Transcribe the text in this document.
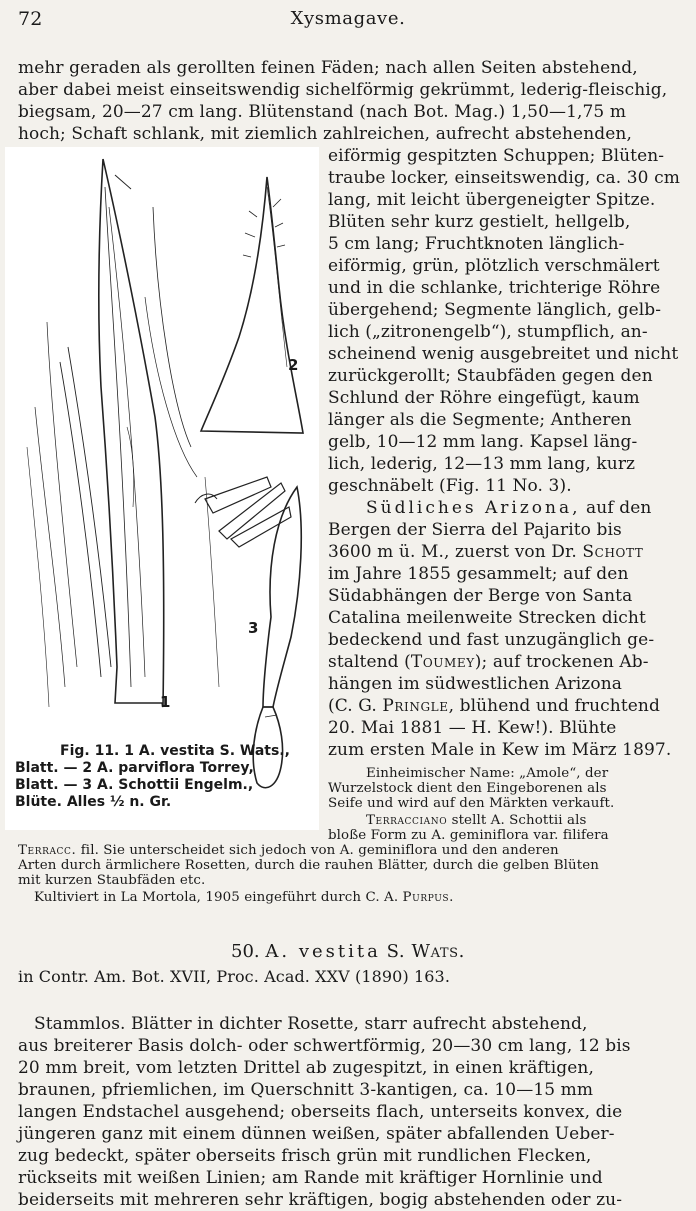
72	Xysmagave.
mehr geraden als gerollten feinen Fäden; nach allen Seiten abstehend,
aber dabei meist einseitswendig sichelförmig gekrümmt, lederig-fleischig,
biegsam, 20—27 cm lang. Blütenstand (nach Bot. Mag.) 1,50—1,75 m
hoch; Schaft schlank, mit ziemlich zahlreichen, aufrecht abstehenden,
1
2
3
Fig. 11. 1 A. vestita S. Wats.,
Blatt. — 2 A. parviflora Torrey,
Blatt. — 3 A. Schottii Engelm.,
Blüte. Alles ½ n. Gr.
eiförmig gespitzten Schuppen; Blüten-
traube locker, einseitswendig, ca. 30 cm
lang, mit leicht übergeneigter Spitze.
Blüten sehr kurz gestielt, hellgelb,
5 cm lang; Fruchtknoten länglich-
eiförmig, grün, plötzlich verschmälert
und in die schlanke, trichterige Röhre
übergehend; Segmente länglich, gelb-
lich („zitronengelb“), stumpflich, an-
scheinend wenig ausgebreitet und nicht
zurückgerollt; Staubfäden gegen den
Schlund der Röhre eingefügt, kaum
länger als die Segmente; Antheren
gelb, 10—12 mm lang. Kapsel läng-
lich, lederig, 12—13 mm lang, kurz
geschnäbelt (Fig. 11 No. 3).
Südliches Arizona, auf den
Bergen der Sierra del Pajarito bis
3600 m ü. M., zuerst von Dr. Schott
im Jahre 1855 gesammelt; auf den
Südabhängen der Berge von Santa
Catalina meilenweite Strecken dicht
bedeckend und fast unzugänglich ge-
staltend (Toumey); auf trockenen Ab-
hängen im südwestlichen Arizona
(C. G. Pringle, blühend und fruchtend
20. Mai 1881 — H. Kew!). Blühte
zum ersten Male in Kew im März 1897.
Einheimischer Name: „Amole“, der
Wurzelstock dient den Eingeborenen als
Seife und wird auf den Märkten verkauft.
Terracciano stellt A. Schottii als
bloße Form zu A. geminiflora var. filifera
Terracc. fil. Sie unterscheidet sich jedoch von A. geminiflora und den anderen
Arten durch ärmlichere Rosetten, durch die rauhen Blätter, durch die gelben Blüten
mit kurzen Staubfäden etc.
Kultiviert in La Mortola, 1905 eingeführt durch C. A. Purpus.
50. A. vestita S. Wats.
in Contr. Am. Bot. XVII, Proc. Acad. XXV (1890) 163.
Stammlos. Blätter in dichter Rosette, starr aufrecht abstehend,
aus breiterer Basis dolch- oder schwertförmig, 20—30 cm lang, 12 bis
20 mm breit, vom letzten Drittel ab zugespitzt, in einen kräftigen,
braunen, pfriemlichen, im Querschnitt 3-kantigen, ca. 10—15 mm
langen Endstachel ausgehend; oberseits flach, unterseits konvex, die
jüngeren ganz mit einem dünnen weißen, später abfallenden Ueber-
zug bedeckt, später oberseits frisch grün mit rundlichen Flecken,
rückseits mit weißen Linien; am Rande mit kräftiger Hornlinie und
beiderseits mit mehreren sehr kräftigen, bogig abstehenden oder zu-
